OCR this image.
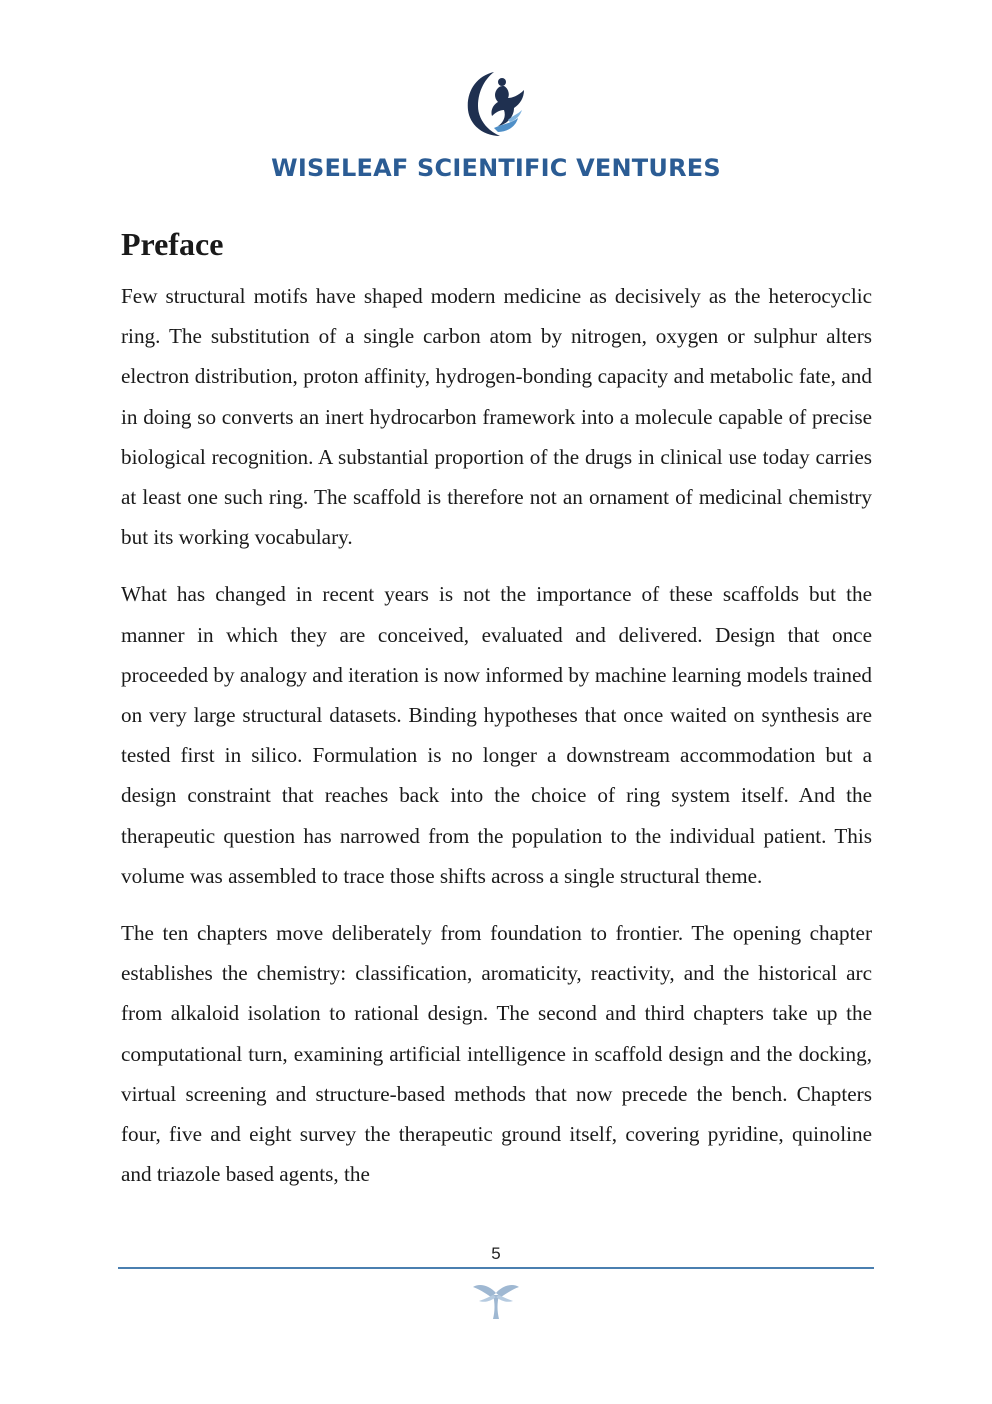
WISELEAF SCIENTIFIC VENTURES
Preface

Few structural motifs have shaped modern medicine as decisively as the heterocyclic ring. The substitution of a single carbon atom by nitrogen, oxygen or sulphur alters electron distribution, proton affinity, hydrogen-bonding capacity and metabolic fate, and in doing so converts an inert hydrocarbon framework into a molecule capable of precise biological recognition. A substantial proportion of the drugs in clinical use today carries at least one such ring. The scaffold is therefore not an ornament of medicinal chemistry but its working vocabulary.

What has changed in recent years is not the importance of these scaffolds but the manner in which they are conceived, evaluated and delivered. Design that once proceeded by analogy and iteration is now informed by machine learning models trained on very large structural datasets. Binding hypotheses that once waited on synthesis are tested first in silico. Formulation is no longer a downstream accommodation but a design constraint that reaches back into the choice of ring system itself. And the therapeutic question has narrowed from the population to the individual patient. This volume was assembled to trace those shifts across a single structural theme.

The ten chapters move deliberately from foundation to frontier. The opening chapter establishes the chemistry: classification, aromaticity, reactivity, and the historical arc from alkaloid isolation to rational design. The second and third chapters take up the computational turn, examining artificial intelligence in scaffold design and the docking, virtual screening and structure-based methods that now precede the bench. Chapters four, five and eight survey the therapeutic ground itself, covering pyridine, quinoline and triazole based agents, the

5
